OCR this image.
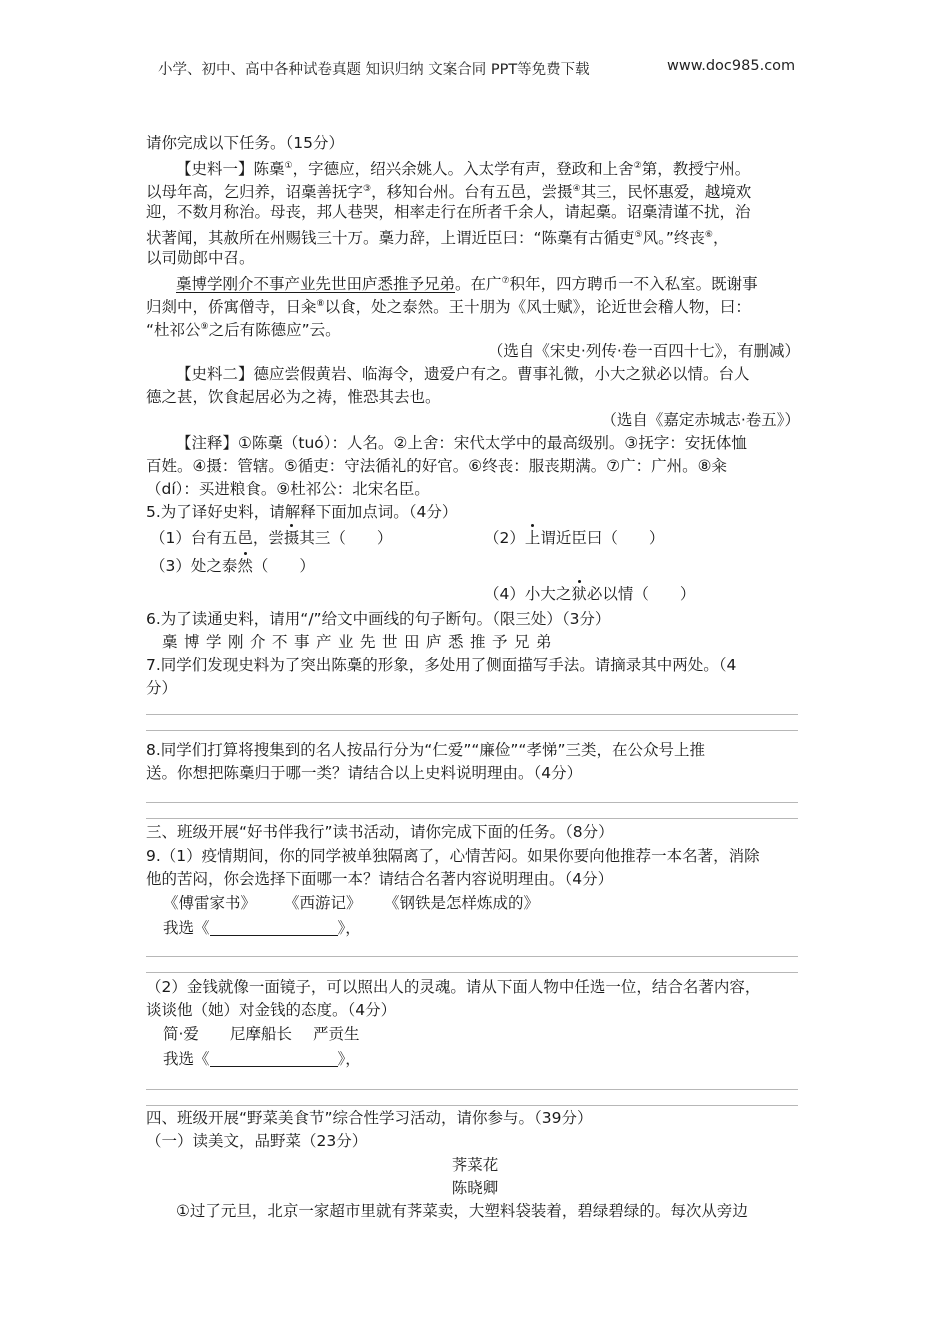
小学、初中、高中各种试卷真题 知识归纳 文案合同 PPT等免费下载	www.doc985.com
请你完成以下任务。（15分）
【史料一】陈稾①，字德应，绍兴余姚人。入太学有声，登政和上舍②第，教授宁州。
以母年高，乞归养，诏稾善抚字③，移知台州。台有五邑，尝摄④其三，民怀惠爱，越境欢
迎，不数月称治。母丧，邦人巷哭，相率走行在所者千余人，请起稾。诏稾清谨不扰，治
状著闻，其赦所在州赐钱三十万。稾力辞，上谓近臣曰：“陈稾有古循吏⑤风。”终丧⑥，
以司勋郎中召。
稾博学刚介不事产业先世田庐悉推予兄弟。在广⑦积年，四方聘币一不入私室。既谢事
归剡中，侨寓僧寺，日籴⑧以食，处之泰然。王十朋为《风士赋》，论近世会稽人物，曰：
“杜祁公⑨之后有陈德应”云。
（选自《宋史·列传·卷一百四十七》，有删减）
【史料二】德应尝假黄岩、临海令，遗爱户有之。曹事礼微，小大之狱必以情。台人
德之甚，饮食起居必为之祷，惟恐其去也。
（选自《嘉定赤城志·卷五》）
【注释】①陈稾（tuó）：人名。②上舍：宋代太学中的最高级别。③抚字：安抚体恤
百姓。④摄：管辖。⑤循吏：守法循礼的好官。⑥终丧：服丧期满。⑦广：广州。⑧籴
（dí）：买进粮食。⑨杜祁公：北宋名臣。
5.为了译好史料，请解释下面加点词。（4分）
（1）台有五邑，尝摄其三（　　）	（2）上谓近臣曰（　　）
（3）处之泰然（　　）
（4）小大之狱必以情（　　）
6.为了读通史料，请用“/”给文中画线的句子断句。（限三处）（3分）
稾 博 学 刚 介 不 事 产 业 先 世 田 庐 悉 推 予 兄 弟
7.同学们发现史料为了突出陈稾的形象，多处用了侧面描写手法。请摘录其中两处。（4
分）
8.同学们打算将搜集到的名人按品行分为“仁爱”“廉俭”“孝悌”三类，在公众号上推
送。你想把陈稾归于哪一类？请结合以上史料说明理由。（4分）
三、班级开展“好书伴我行”读书活动，请你完成下面的任务。（8分）
9.（1）疫情期间，你的同学被单独隔离了，心情苦闷。如果你要向他推荐一本名著，消除
他的苦闷，你会选择下面哪一本？请结合名著内容说明理由。（4分）
《傅雷家书》 《西游记》 《钢铁是怎样炼成的》
我选《	》，
（2）金钱就像一面镜子，可以照出人的灵魂。请从下面人物中任选一位，结合名著内容，
谈谈他（她）对金钱的态度。（4分）
简·爱 尼摩船长 严贡生
我选《	》，
四、班级开展“野菜美食节”综合性学习活动，请你参与。（39分）
（一）读美文，品野菜（23分）
荠菜花
陈晓卿
①过了元旦，北京一家超市里就有荠菜卖，大塑料袋装着，碧绿碧绿的。每次从旁边
